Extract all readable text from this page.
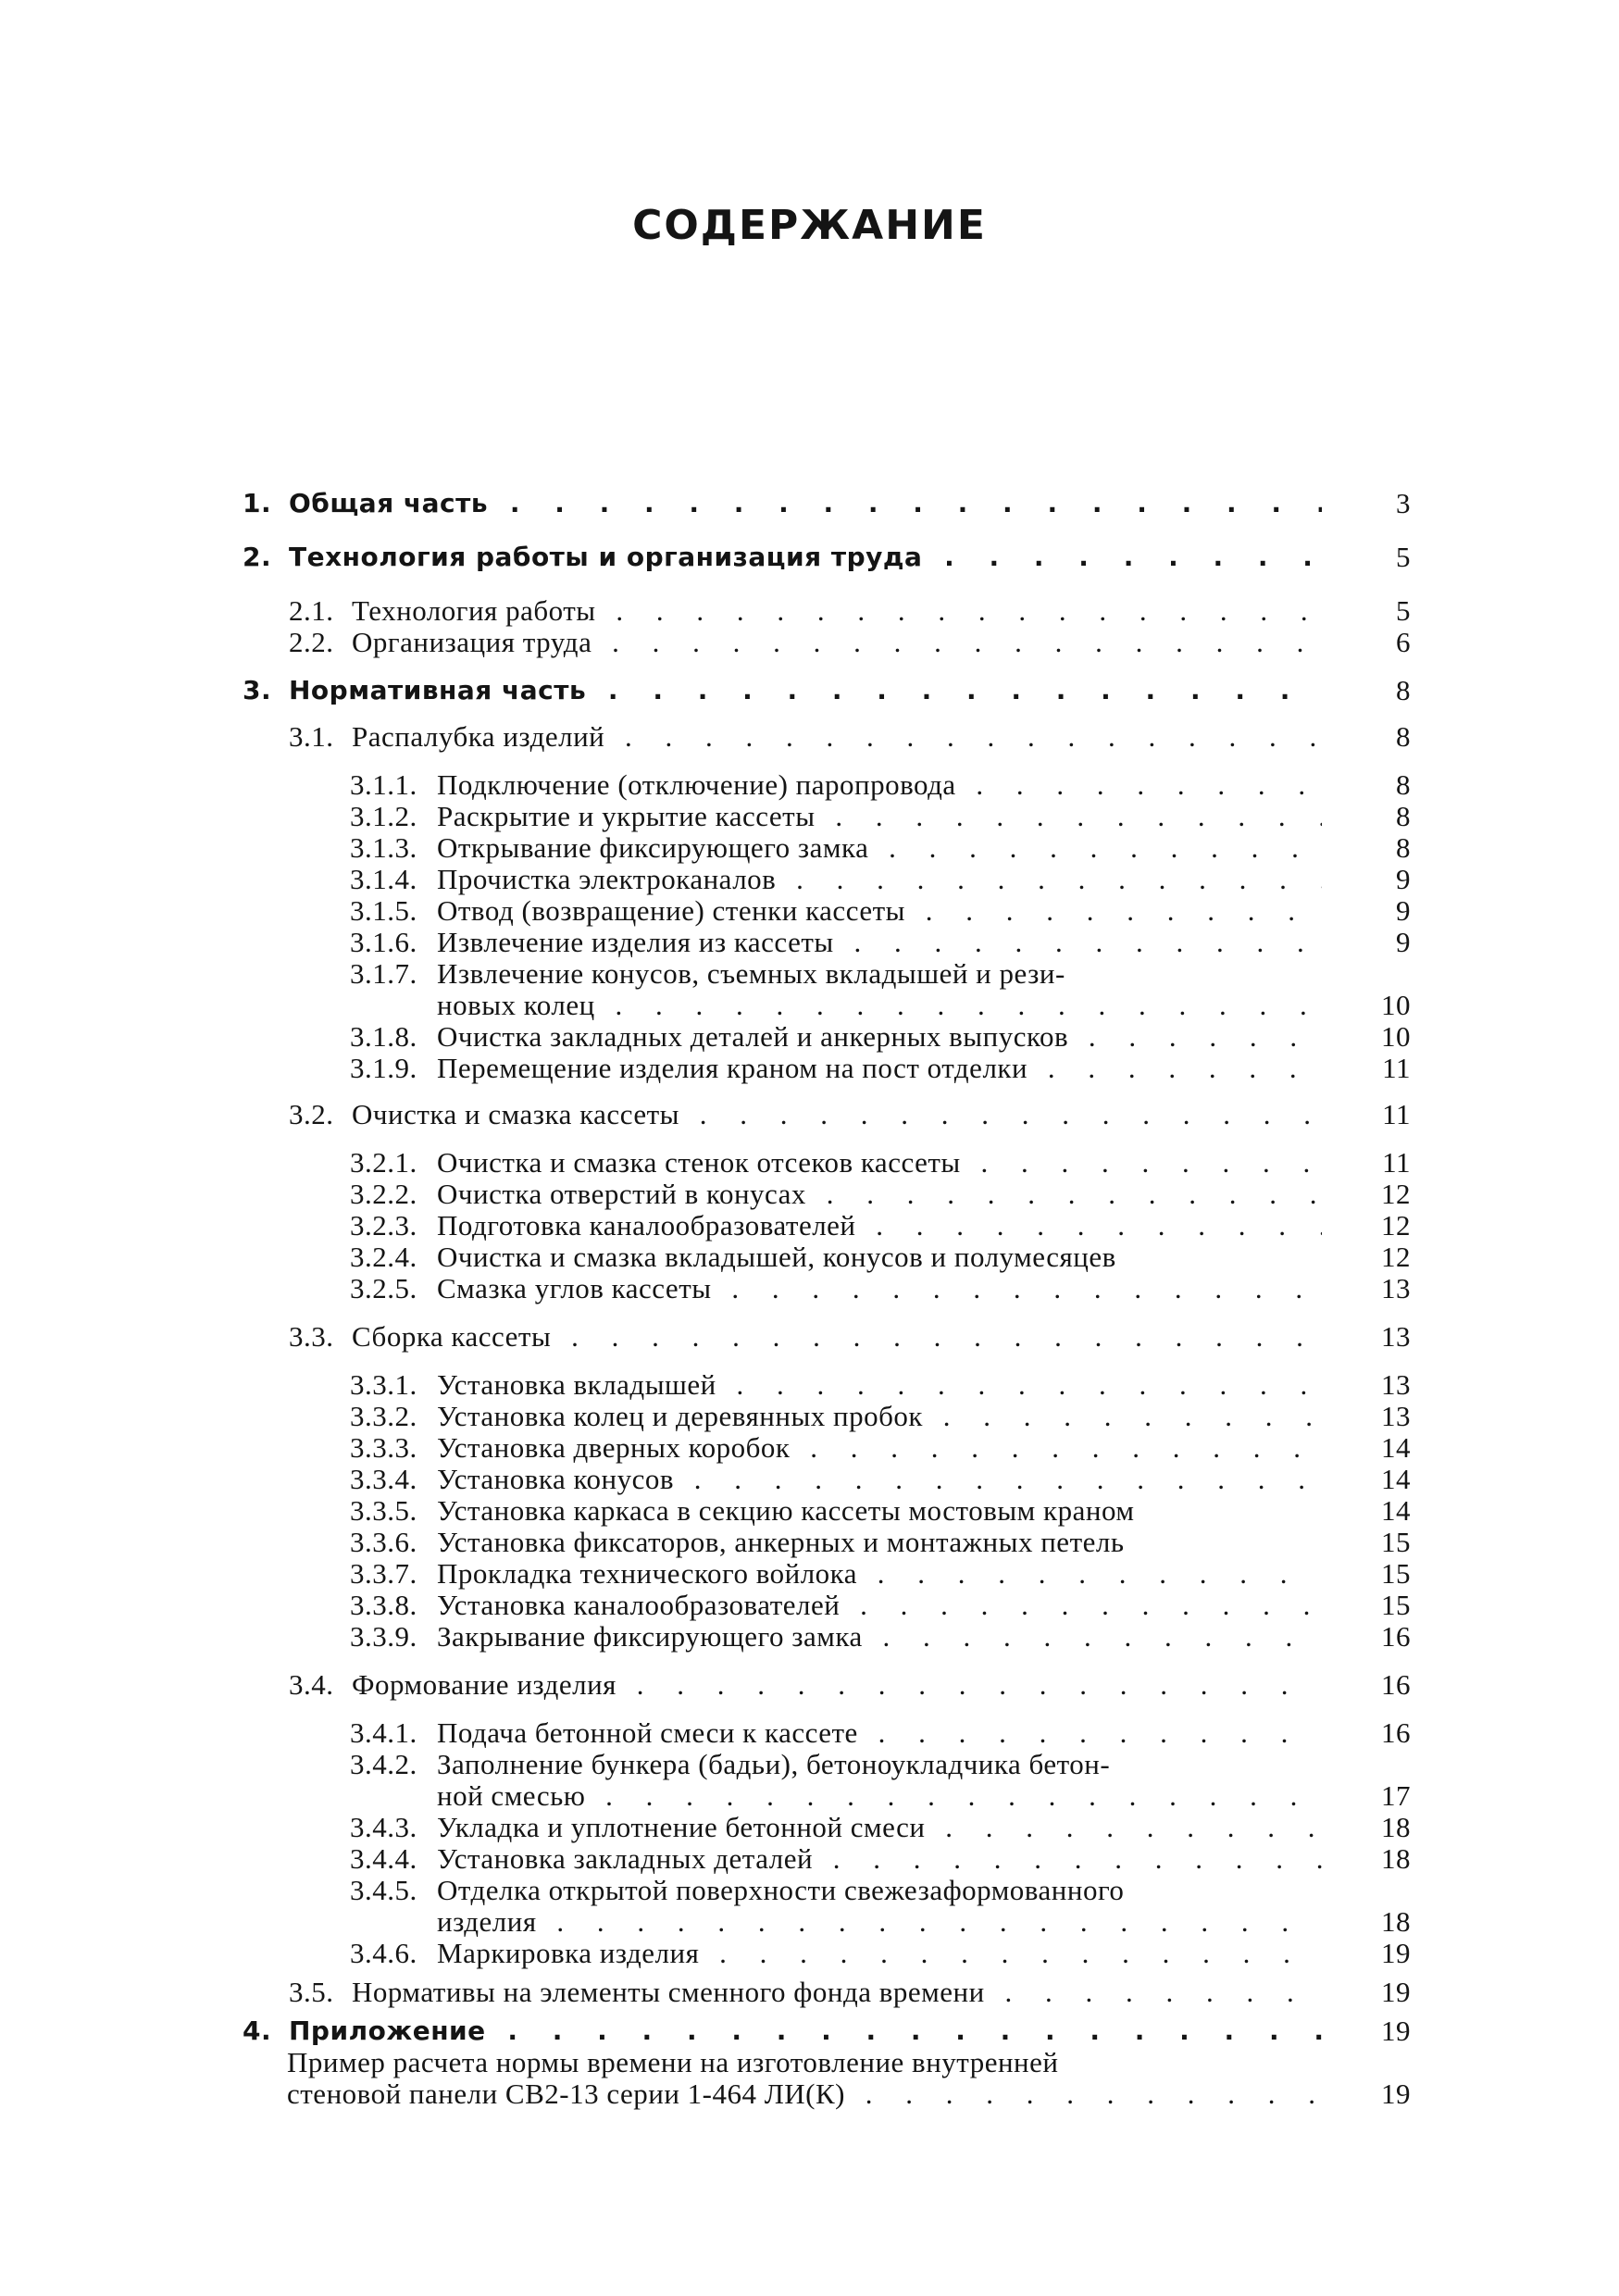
СОДЕРЖАНИЕ
1. Общая часть . . .	3
2. Технология работы и организация труда . . .	5
2.1. Технология работы . . .	5
2.2. Организация труда . . .	6
3. Нормативная часть . . .	8
3.1. Распалубка изделий . . .	8
3.1.1. Подключение (отключение) паропровода . . .	8
3.1.2. Раскрытие и укрытие кассеты . . .	8
3.1.3. Открывание фиксирующего замка . . .	8
3.1.4. Прочистка электроканалов . . .	9
3.1.5. Отвод (возвращение) стенки кассеты . . .	9
3.1.6. Извлечение изделия из кассеты . . .	9
3.1.7. Извлечение конусов, съемных вкладышей и рези-
новых колец . . .	10
3.1.8. Очистка закладных деталей и анкерных выпусков . . .	10
3.1.9. Перемещение изделия краном на пост отделки . . .	11
3.2. Очистка и смазка кассеты . . .	11
3.2.1. Очистка и смазка стенок отсеков кассеты . . .	11
3.2.2. Очистка отверстий в конусах . . .	12
3.2.3. Подготовка каналообразователей . . .	12
3.2.4. Очистка и смазка вкладышей, конусов и полумесяцев	12
3.2.5. Смазка углов кассеты . . .	13
3.3. Сборка кассеты . . .	13
3.3.1. Установка вкладышей . . .	13
3.3.2. Установка колец и деревянных пробок . . .	13
3.3.3. Установка дверных коробок . . .	14
3.3.4. Установка конусов . . .	14
3.3.5. Установка каркаса в секцию кассеты мостовым краном	14
3.3.6. Установка фиксаторов, анкерных и монтажных петель	15
3.3.7. Прокладка технического войлока . . .	15
3.3.8. Установка каналообразователей . . .	15
3.3.9. Закрывание фиксирующего замка . . .	16
3.4. Формование изделия . . .	16
3.4.1. Подача бетонной смеси к кассете . . .	16
3.4.2. Заполнение бункера (бадьи), бетоноукладчика бетон-
ной смесью . . .	17
3.4.3. Укладка и уплотнение бетонной смеси . . .	18
3.4.4. Установка закладных деталей . . .	18
3.4.5. Отделка открытой поверхности свежезаформованного
изделия . . .	18
3.4.6. Маркировка изделия . . .	19
3.5. Нормативы на элементы сменного фонда времени . . .	19
4. Приложение . . .	19
Пример расчета нормы времени на изготовление внутренней
стеновой панели СВ2-13 серии 1-464 ЛИ(К) . . .	19
